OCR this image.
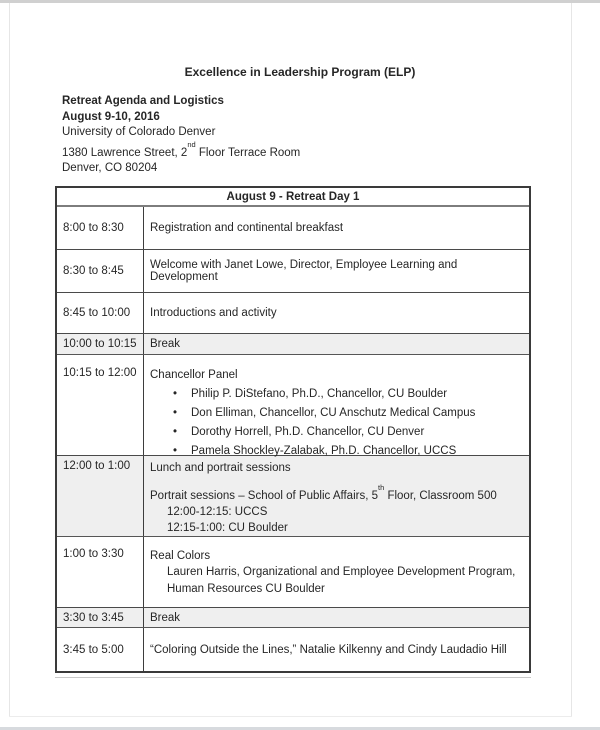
Excellence in Leadership Program (ELP)
Retreat Agenda and Logistics
August 9-10, 2016
University of Colorado Denver
1380 Lawrence Street, 2nd Floor Terrace Room
Denver, CO 80204
August 9 - Retreat Day 1
8:00 to 8:30	Registration and continental breakfast
8:30 to 8:45	Welcome with Janet Lowe, Director, Employee Learning and Development
8:45 to 10:00	Introductions and activity
10:00 to 10:15	Break
10:15 to 12:00	Chancellor Panel
• Philip P. DiStefano, Ph.D., Chancellor, CU Boulder
• Don Elliman, Chancellor, CU Anschutz Medical Campus
• Dorothy Horrell, Ph.D. Chancellor, CU Denver
• Pamela Shockley-Zalabak, Ph.D. Chancellor, UCCS
12:00 to 1:00	Lunch and portrait sessions
Portrait sessions – School of Public Affairs, 5th Floor, Classroom 500
12:00-12:15: UCCS
12:15-1:00: CU Boulder
1:00 to 3:30	Real Colors
Lauren Harris, Organizational and Employee Development Program,
Human Resources CU Boulder
3:30 to 3:45	Break
3:45 to 5:00	“Coloring Outside the Lines,” Natalie Kilkenny and Cindy Laudadio Hill
